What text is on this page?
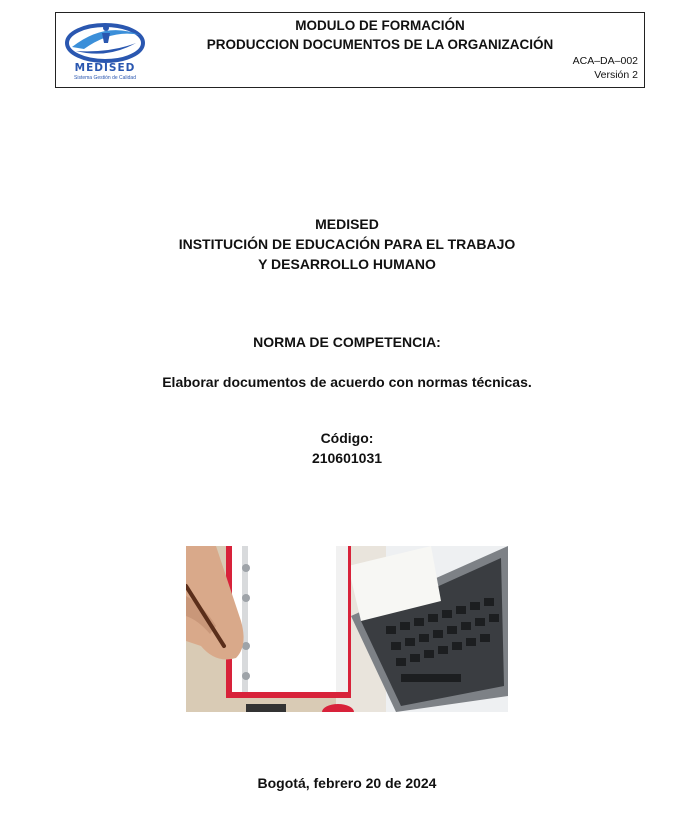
MEDISED
Sistema Gestión de Calidad
MODULO DE FORMACIÓN
PRODUCCION DOCUMENTOS DE LA ORGANIZACIÓN
ACA–DA–002
Versión 2
MEDISED
INSTITUCIÓN DE EDUCACIÓN PARA EL TRABAJO
Y DESARROLLO HUMANO
NORMA DE COMPETENCIA:
Elaborar documentos de acuerdo con normas técnicas.
Código:
210601031
Bogotá, febrero 20 de 2024
